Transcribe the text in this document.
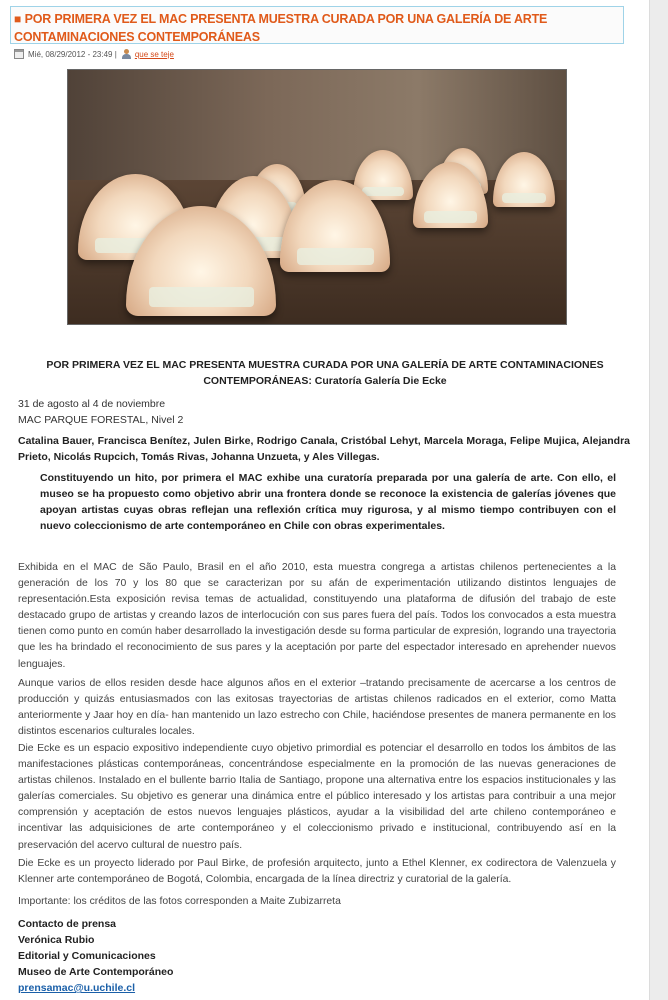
■ POR PRIMERA VEZ EL MAC PRESENTA MUESTRA CURADA POR UNA GALERÍA DE ARTE CONTAMINACIONES CONTEMPORÁNEAS
Mié, 08/29/2012 - 23:49 | que se teje
POR PRIMERA VEZ EL MAC PRESENTA MUESTRA CURADA POR UNA GALERÍA DE ARTE CONTAMINACIONES CONTEMPORÁNEAS: Curatoría Galería Die Ecke
31 de agosto al 4 de noviembre
MAC PARQUE FORESTAL, Nivel 2
Catalina Bauer, Francisca Benítez, Julen Birke, Rodrigo Canala, Cristóbal Lehyt, Marcela Moraga, Felipe Mujica, Alejandra Prieto, Nicolás Rupcich, Tomás Rivas, Johanna Unzueta, y Ales Villegas.
Constituyendo un hito, por primera el MAC exhibe una curatoría preparada por una galería de arte. Con ello, el museo se ha propuesto como objetivo abrir una frontera donde se reconoce la existencia de galerías jóvenes que apoyan artistas cuyas obras reflejan una reflexión crítica muy rigurosa, y al mismo tiempo contribuyen con el nuevo coleccionismo de arte contemporáneo en Chile con obras experimentales.
Exhibida en el MAC de São Paulo, Brasil en el año 2010, esta muestra congrega a artistas chilenos pertenecientes a la generación de los 70 y los 80 que se caracterizan por su afán de experimentación utilizando distintos lenguajes de representación.Esta exposición revisa temas de actualidad, constituyendo una plataforma de difusión del trabajo de este destacado grupo de artistas y creando lazos de interlocución con sus pares fuera del país. Todos los convocados a esta muestra tienen como punto en común haber desarrollado la investigación desde su forma particular de expresión, logrando una trayectoria que les ha brindado el reconocimiento de sus pares y la aceptación por parte del espectador interesado en aprehender nuevos lenguajes.
Aunque varios de ellos residen desde hace algunos años en el exterior –tratando precisamente de acercarse a los centros de producción y quizás entusiasmados con las exitosas trayectorias de artistas chilenos radicados en el exterior, como Matta anteriormente y Jaar hoy en día- han mantenido un lazo estrecho con Chile, haciéndose presentes de manera permanente en los distintos escenarios culturales locales.
Die Ecke es un espacio expositivo independiente cuyo objetivo primordial es potenciar el desarrollo en todos los ámbitos de las manifestaciones plásticas contemporáneas, concentrándose especialmente en la promoción de las nuevas generaciones de artistas chilenos. Instalado en el bullente barrio Italia de Santiago, propone una alternativa entre los espacios institucionales y las galerías comerciales. Su objetivo es generar una dinámica entre el público interesado y los artistas para contribuir a una mejor comprensión y aceptación de estos nuevos lenguajes plásticos, ayudar a la visibilidad del arte chileno contemporáneo e incentivar las adquisiciones de arte contemporáneo y el coleccionismo privado e institucional, contribuyendo así en la preservación del acervo cultural de nuestro país.
Die Ecke es un proyecto liderado por Paul Birke, de profesión arquitecto, junto a Ethel Klenner, ex codirectora de Valenzuela y Klenner arte contemporáneo de Bogotá, Colombia, encargada de la línea directriz y curatorial de la galería.
Importante: los créditos de las fotos corresponden a Maite Zubizarreta
Contacto de prensa
Verónica Rubio
Editorial y Comunicaciones
Museo de Arte Contemporáneo
prensamac@u.uchile.cl
